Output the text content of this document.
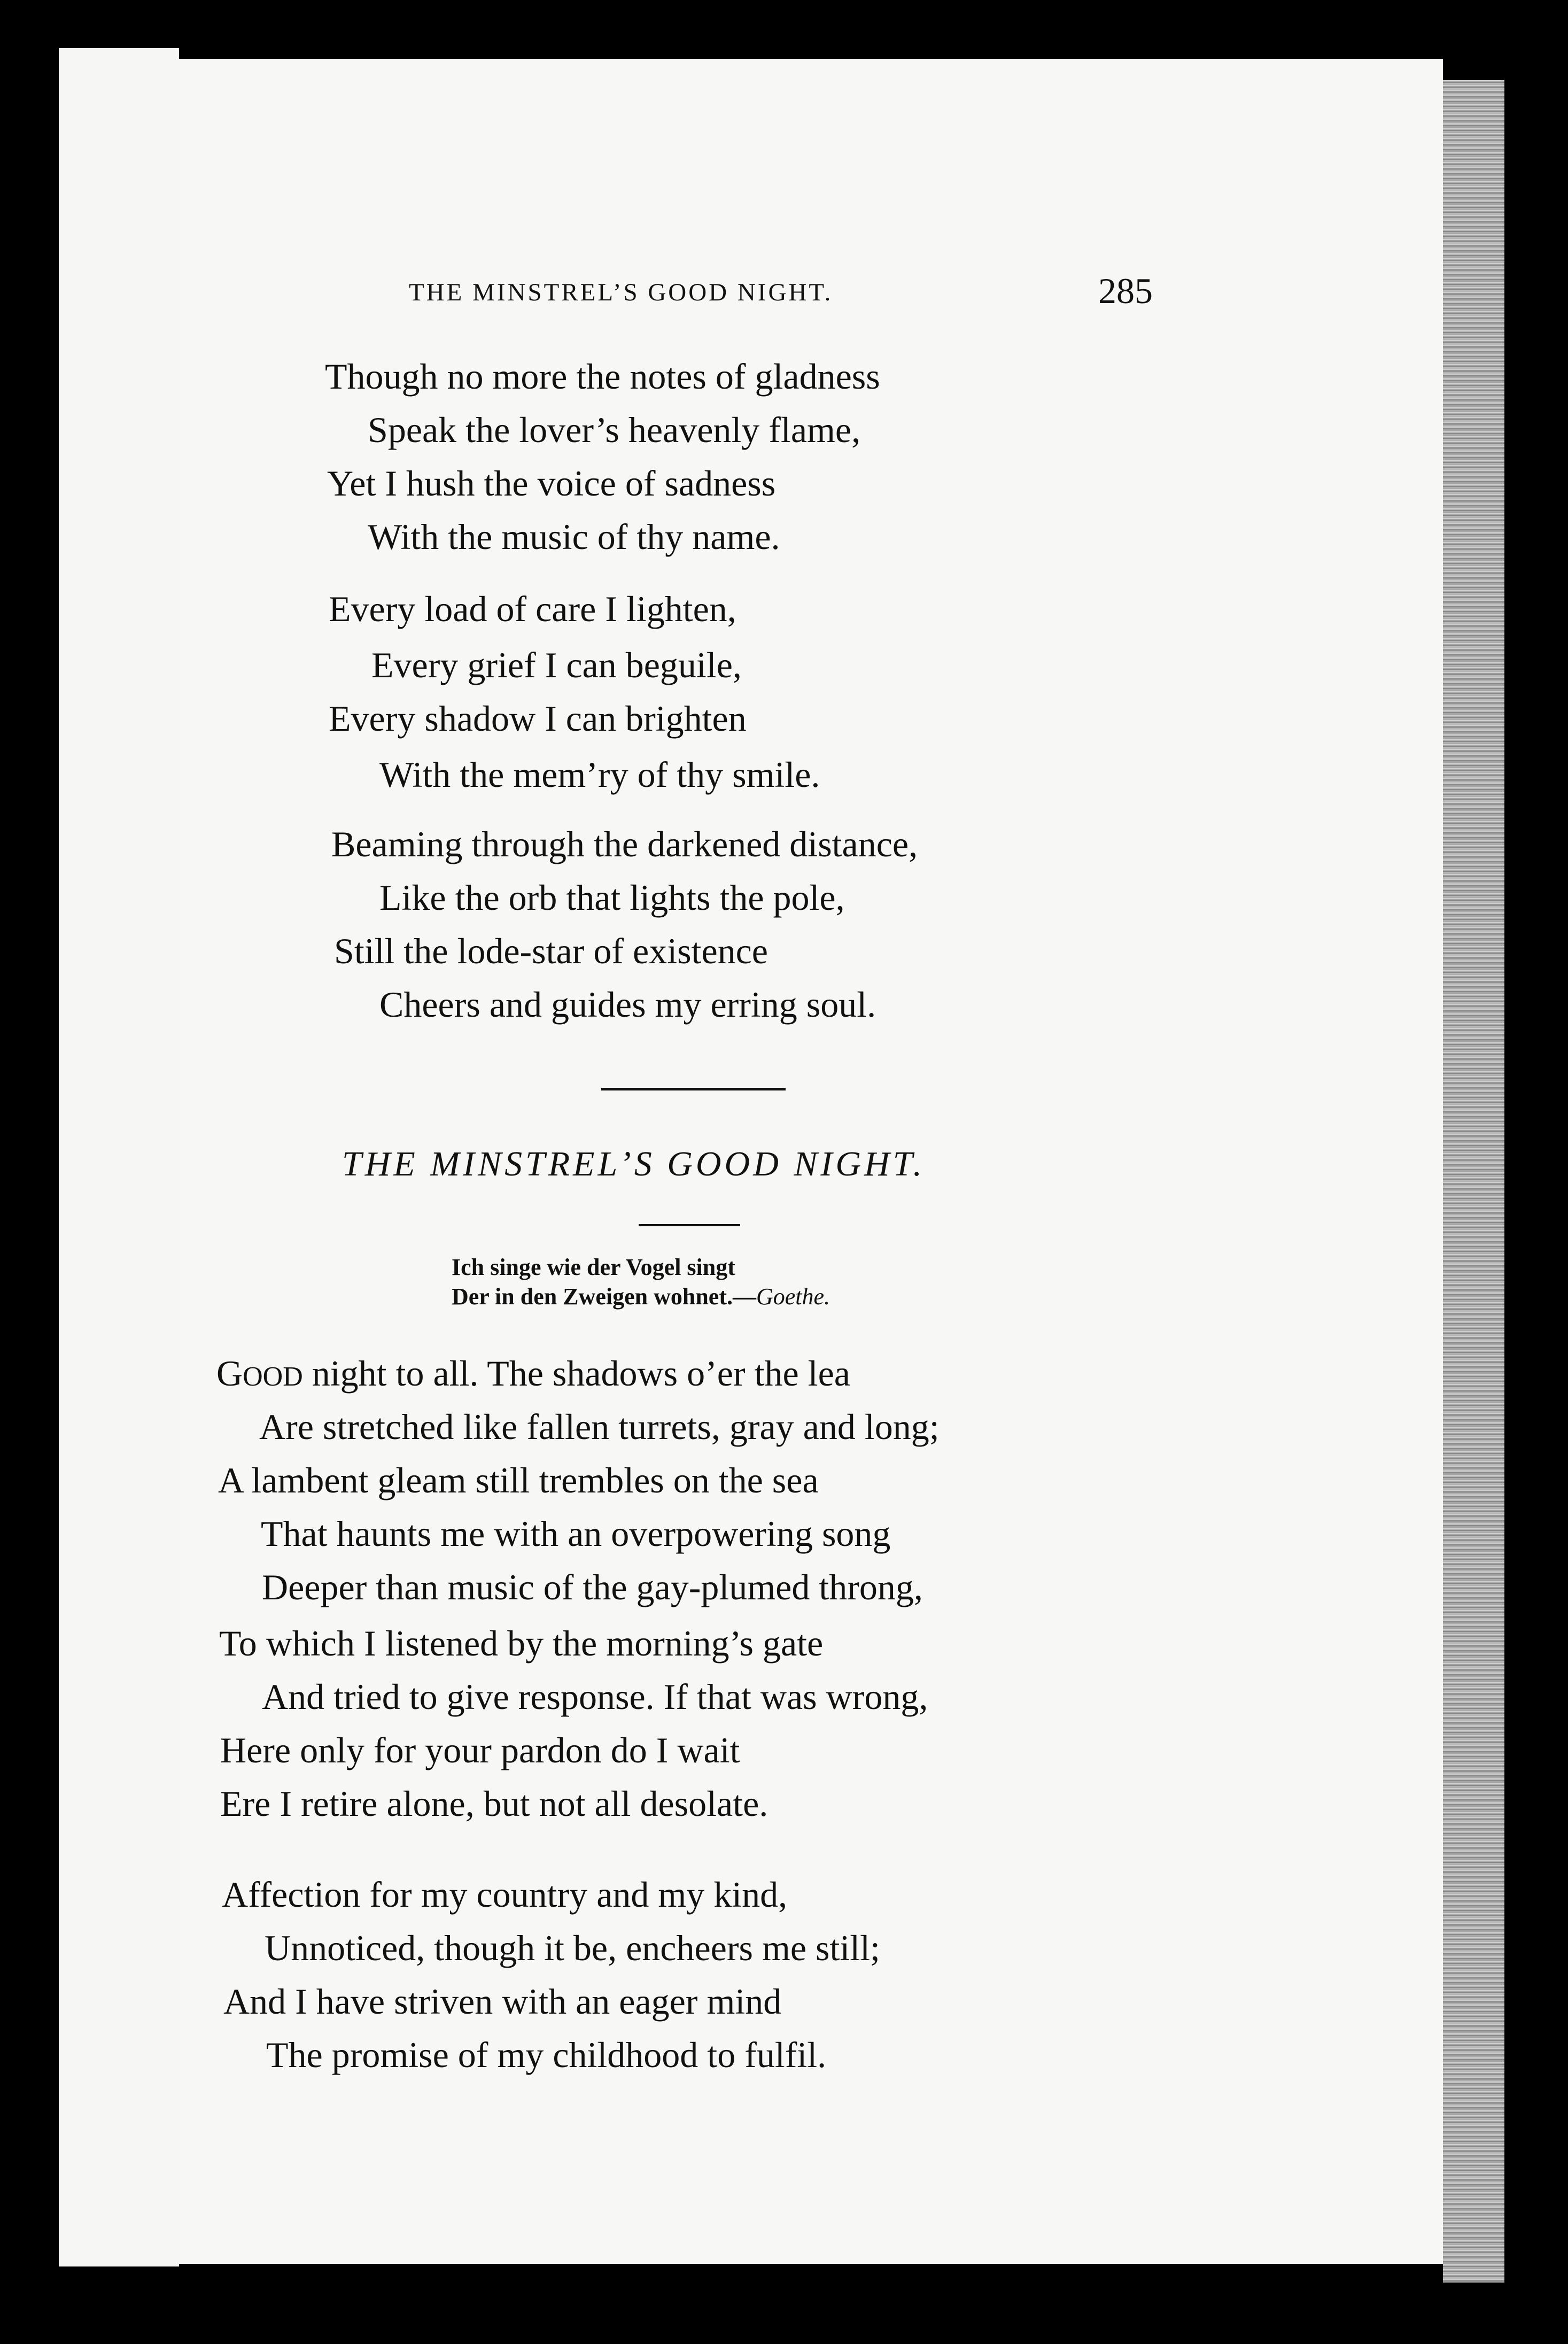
THE MINSTREL’S GOOD NIGHT.	285
Though no more the notes of gladness
Speak the lover’s heavenly flame,
Yet I hush the voice of sadness
With the music of thy name.
Every load of care I lighten,
Every grief I can beguile,
Every shadow I can brighten
With the mem’ry of thy smile.
Beaming through the darkened distance,
Like the orb that lights the pole,
Still the lode-star of existence
Cheers and guides my erring soul.
THE MINSTREL’S GOOD NIGHT.
Ich singe wie der Vogel singt
Der in den Zweigen wohnet.—Goethe.
GOOD night to all. The shadows o’er the lea
Are stretched like fallen turrets, gray and long;
A lambent gleam still trembles on the sea
That haunts me with an overpowering song
Deeper than music of the gay-plumed throng,
To which I listened by the morning’s gate
And tried to give response. If that was wrong,
Here only for your pardon do I wait
Ere I retire alone, but not all desolate.
Affection for my country and my kind,
Unnoticed, though it be, encheers me still;
And I have striven with an eager mind
The promise of my childhood to fulfil.
